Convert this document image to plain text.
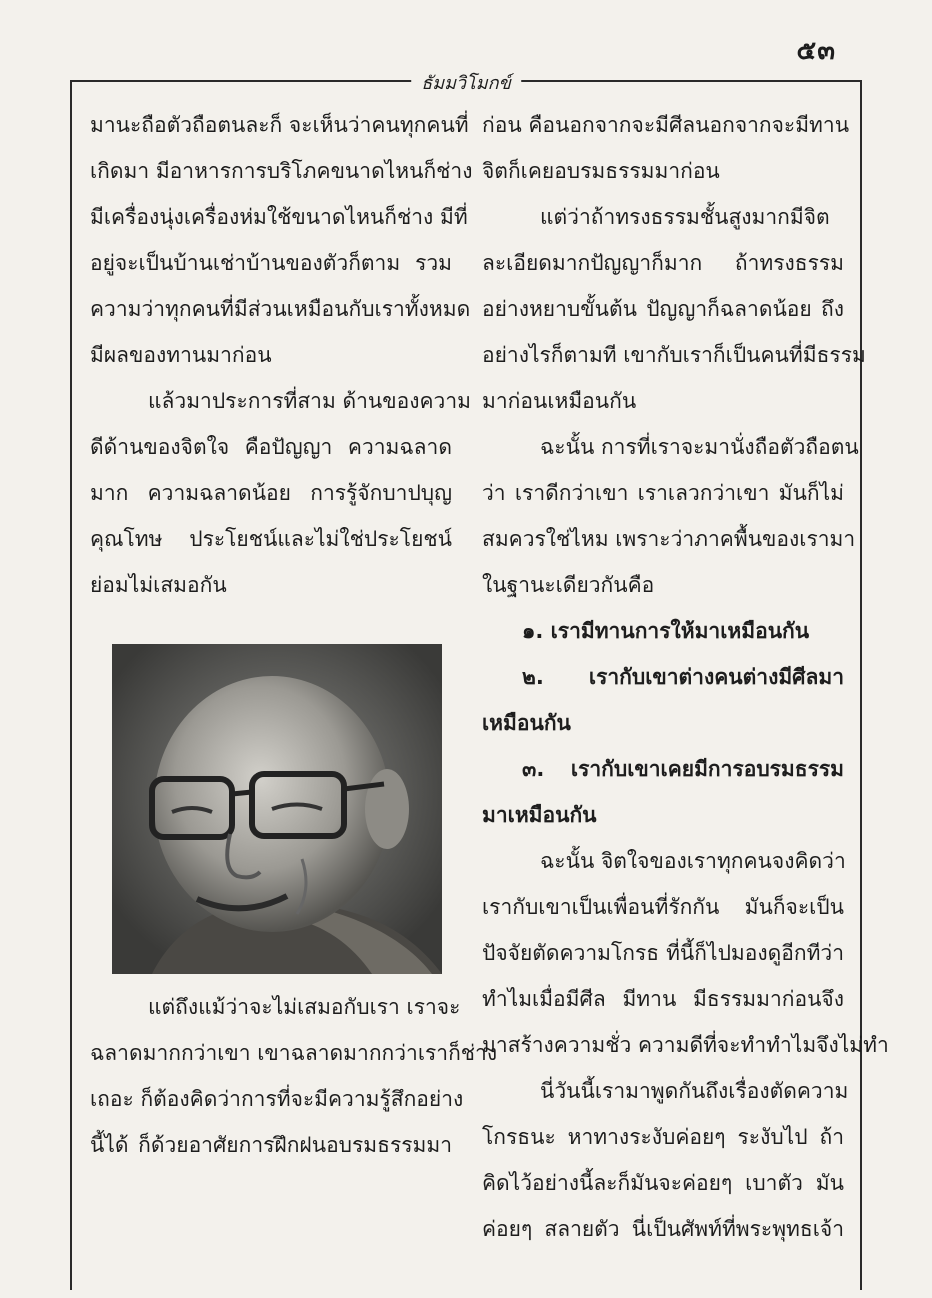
๕๓
ธัมมวิโมกข์
มานะถือตัวถือตนละก็ จะเห็นว่าคนทุกคนที่
เกิดมา มีอาหารการบริโภคขนาดไหนก็ช่าง
มีเครื่องนุ่งเครื่องห่มใช้ขนาดไหนก็ช่าง มีที่
อยู่จะเป็นบ้านเช่าบ้านของตัวก็ตาม รวม
ความว่าทุกคนที่มีส่วนเหมือนกับเราทั้งหมด
มีผลของทานมาก่อน
แล้วมาประการที่สาม ด้านของความ
ดีด้านของจิตใจ คือปัญญา ความฉลาด
มาก ความฉลาดน้อย การรู้จักบาปบุญ
คุณโทษ ประโยชน์และไม่ใช่ประโยชน์
ย่อมไม่เสมอกัน
แต่ถึงแม้ว่าจะไม่เสมอกับเรา เราจะ
ฉลาดมากกว่าเขา เขาฉลาดมากกว่าเราก็ช่าง
เถอะ ก็ต้องคิดว่าการที่จะมีความรู้สึกอย่าง
นี้ได้ ก็ด้วยอาศัยการฝึกฝนอบรมธรรมมา
ก่อน คือนอกจากจะมีศีลนอกจากจะมีทาน
จิตก็เคยอบรมธรรมมาก่อน
แต่ว่าถ้าทรงธรรมชั้นสูงมากมีจิต
ละเอียดมากปัญญาก็มาก ถ้าทรงธรรม
อย่างหยาบขั้นต้น ปัญญาก็ฉลาดน้อย ถึง
อย่างไรก็ตามที เขากับเราก็เป็นคนที่มีธรรม
มาก่อนเหมือนกัน
ฉะนั้น การที่เราจะมานั่งถือตัวถือตน
ว่า เราดีกว่าเขา เราเลวกว่าเขา มันก็ไม่
สมควรใช่ไหม เพราะว่าภาคพื้นของเรามา
ในฐานะเดียวกันคือ
๑. เรามีทานการให้มาเหมือนกัน
๒. เรากับเขาต่างคนต่างมีศีลมา
เหมือนกัน
๓. เรากับเขาเคยมีการอบรมธรรม
มาเหมือนกัน
ฉะนั้น จิตใจของเราทุกคนจงคิดว่า
เรากับเขาเป็นเพื่อนที่รักกัน มันก็จะเป็น
ปัจจัยตัดความโกรธ ที่นี้ก็ไปมองดูอีกทีว่า
ทำไมเมื่อมีศีล มีทาน มีธรรมมาก่อนจึง
มาสร้างความชั่ว ความดีที่จะทำทำไมจึงไม่ทำ
นี่วันนี้เรามาพูดกันถึงเรื่องตัดความ
โกรธนะ หาทางระงับค่อยๆ ระงับไป ถ้า
คิดไว้อย่างนี้ละก็มันจะค่อยๆ เบาตัว มัน
ค่อยๆ สลายตัว นี่เป็นศัพท์ที่พระพุทธเจ้า
